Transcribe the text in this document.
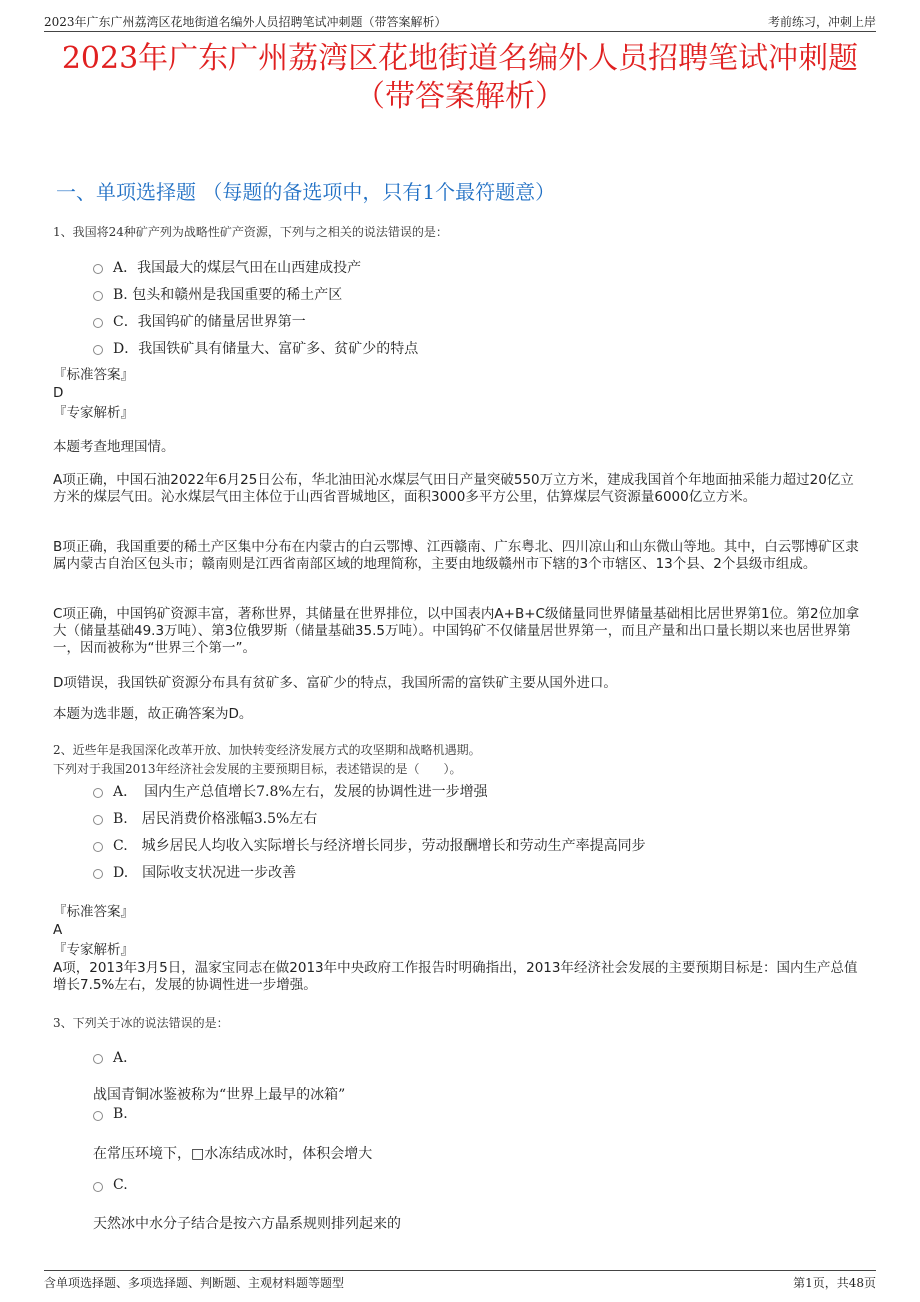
2023年广东广州荔湾区花地街道名编外人员招聘笔试冲刺题（带答案解析）	考前练习，冲刺上岸
2023年广东广州荔湾区花地街道名编外人员招聘笔试冲刺题
（带答案解析）
一、单项选择题 （每题的备选项中，只有1个最符题意）
1、我国将24种矿产列为战略性矿产资源，下列与之相关的说法错误的是：
A．我国最大的煤层气田在山西建成投产
B. 包头和赣州是我国重要的稀土产区
C．我国钨矿的储量居世界第一
D．我国铁矿具有储量大、富矿多、贫矿少的特点
『标准答案』
D
『专家解析』
本题考查地理国情。
A项正确，中国石油2022年6月25日公布，华北油田沁水煤层气田日产量突破550万立方米，建成我国首个年地面抽采能力超过20亿立方米的煤层气田。沁水煤层气田主体位于山西省晋城地区，面积3000多平方公里，估算煤层气资源量6000亿立方米。
B项正确，我国重要的稀土产区集中分布在内蒙古的白云鄂博、江西赣南、广东粤北、四川凉山和山东微山等地。其中，白云鄂博矿区隶属内蒙古自治区包头市；赣南则是江西省南部区域的地理简称，主要由地级赣州市下辖的3个市辖区、13个县、2个县级市组成。
C项正确，中国钨矿资源丰富，著称世界，其储量在世界排位，以中国表内A+B+C级储量同世界储量基础相比居世界第1位。第2位加拿大（储量基础49.3万吨）、第3位俄罗斯（储量基础35.5万吨）。中国钨矿不仅储量居世界第一，而且产量和出口量长期以来也居世界第一，因而被称为“世界三个第一”。
D项错误，我国铁矿资源分布具有贫矿多、富矿少的特点，我国所需的富铁矿主要从国外进口。
本题为选非题，故正确答案为D。
2、近些年是我国深化改革开放、加快转变经济发展方式的攻坚期和战略机遇期。
下列对于我国2013年经济社会发展的主要预期目标，表述错误的是（　　）。
A．　国内生产总值增长7.8%左右，发展的协调性进一步增强
B.　居民消费价格涨幅3.5%左右
C.　城乡居民人均收入实际增长与经济增长同步，劳动报酬增长和劳动生产率提高同步
D.　国际收支状况进一步改善
『标准答案』
A
『专家解析』
A项，2013年3月5日，温家宝同志在做2013年中央政府工作报告时明确指出，2013年经济社会发展的主要预期目标是：国内生产总值增长7.5%左右，发展的协调性进一步增强。
3、下列关于冰的说法错误的是：
A．
战国青铜冰鉴被称为“世界上最早的冰箱”
B.
在常压环境下，□水冻结成冰时，体积会增大
C.
天然冰中水分子结合是按六方晶系规则排列起来的
含单项选择题、多项选择题、判断题、主观材料题等题型	第1页，共48页
